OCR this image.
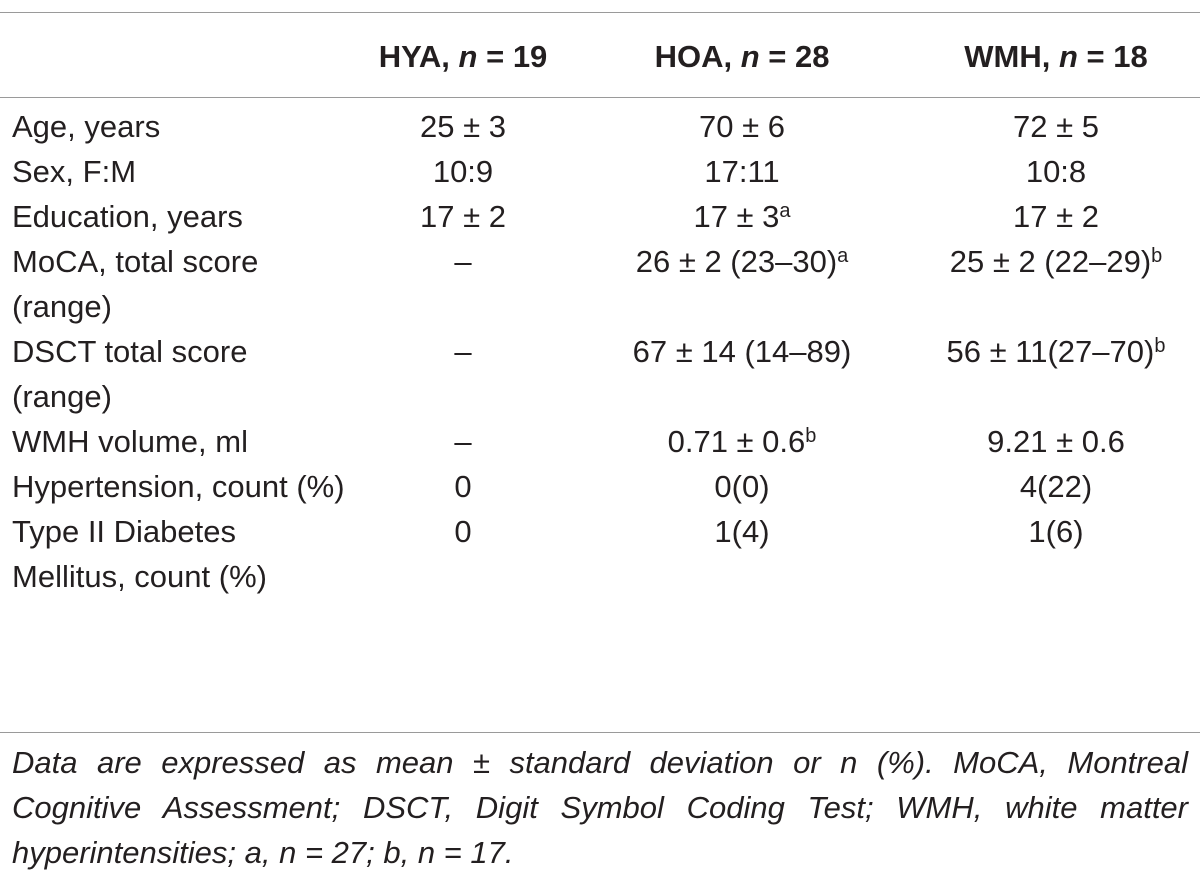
	HYA, n = 19	HOA, n = 28	WMH, n = 18
Age, years	25 ± 3	70 ± 6	72 ± 5
Sex, F:M	10:9	17:11	10:8
Education, years	17 ± 2	$17 \pm 3^a$	17 ± 2
MoCA, total score (range)	–	26 ± 2 $(23-30)^a$	25 ± 2 $(22-29)^b$
DSCT total score (range)	–	67 ± 14 (14–89)	$56 \pm 11(27-70)^b$
WMH volume, ml	–	0.71 ± 0.6$^b$	9.21 ± 0.6
Hypertension, count (%)	0	0(0)	4(22)
Type II Diabetes Mellitus, count (%)	0	1(4)	1(6)

Data are expressed as mean ± standard deviation or n (%). MoCA, Montreal Cognitive Assessment; DSCT, Digit Symbol Coding Test; WMH, white matter hyperintensities; a, n = 27; b, n = 17.
